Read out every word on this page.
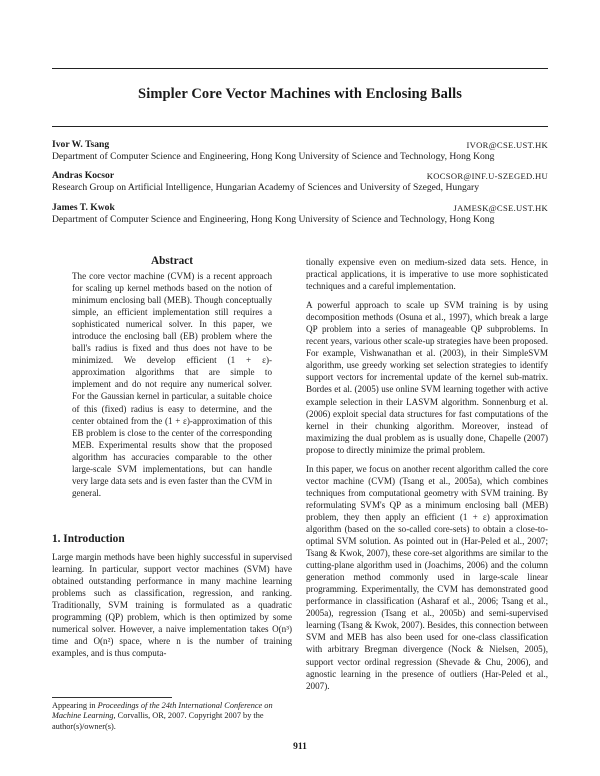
Simpler Core Vector Machines with Enclosing Balls
Ivor W. Tsang	IVOR@CSE.UST.HK
Department of Computer Science and Engineering, Hong Kong University of Science and Technology, Hong Kong
Andras Kocsor	KOCSOR@INF.U-SZEGED.HU
Research Group on Artificial Intelligence, Hungarian Academy of Sciences and University of Szeged, Hungary
James T. Kwok	JAMESK@CSE.UST.HK
Department of Computer Science and Engineering, Hong Kong University of Science and Technology, Hong Kong
Abstract

The core vector machine (CVM) is a recent approach for scaling up kernel methods based on the notion of minimum enclosing ball (MEB). Though conceptually simple, an efficient implementation still requires a sophisticated numerical solver. In this paper, we introduce the enclosing ball (EB) problem where the ball's radius is fixed and thus does not have to be minimized. We develop efficient (1 + ε)-approximation algorithms that are simple to implement and do not require any numerical solver. For the Gaussian kernel in particular, a suitable choice of this (fixed) radius is easy to determine, and the center obtained from the (1 + ε)-approximation of this EB problem is close to the center of the corresponding MEB. Experimental results show that the proposed algorithm has accuracies comparable to the other large-scale SVM implementations, but can handle very large data sets and is even faster than the CVM in general.

1. Introduction

Large margin methods have been highly successful in supervised learning. In particular, support vector machines (SVM) have obtained outstanding performance in many machine learning problems such as classification, regression, and ranking. Traditionally, SVM training is formulated as a quadratic programming (QP) problem, which is then optimized by some numerical solver. However, a naive implementation takes O(n³) time and O(n²) space, where n is the number of training examples, and is thus computa-

Appearing in Proceedings of the 24th International Conference on Machine Learning, Corvallis, OR, 2007. Copyright 2007 by the author(s)/owner(s).

tionally expensive even on medium-sized data sets. Hence, in practical applications, it is imperative to use more sophisticated techniques and a careful implementation.

A powerful approach to scale up SVM training is by using decomposition methods (Osuna et al., 1997), which break a large QP problem into a series of manageable QP subproblems. In recent years, various other scale-up strategies have been proposed. For example, Vishwanathan et al. (2003), in their SimpleSVM algorithm, use greedy working set selection strategies to identify support vectors for incremental update of the kernel sub-matrix. Bordes et al. (2005) use online SVM learning together with active example selection in their LASVM algorithm. Sonnenburg et al. (2006) exploit special data structures for fast computations of the kernel in their chunking algorithm. Moreover, instead of maximizing the dual problem as is usually done, Chapelle (2007) propose to directly minimize the primal problem.

In this paper, we focus on another recent algorithm called the core vector machine (CVM) (Tsang et al., 2005a), which combines techniques from computational geometry with SVM training. By reformulating SVM's QP as a minimum enclosing ball (MEB) problem, they then apply an efficient (1 + ε) approximation algorithm (based on the so-called core-sets) to obtain a close-to-optimal SVM solution. As pointed out in (Har-Peled et al., 2007; Tsang & Kwok, 2007), these core-set algorithms are similar to the cutting-plane algorithm used in (Joachims, 2006) and the column generation method commonly used in large-scale linear programming. Experimentally, the CVM has demonstrated good performance in classification (Asharaf et al., 2006; Tsang et al., 2005a), regression (Tsang et al., 2005b) and semi-supervised learning (Tsang & Kwok, 2007). Besides, this connection between SVM and MEB has also been used for one-class classification with arbitrary Bregman divergence (Nock & Nielsen, 2005), support vector ordinal regression (Shevade & Chu, 2006), and agnostic learning in the presence of outliers (Har-Peled et al., 2007).

911
